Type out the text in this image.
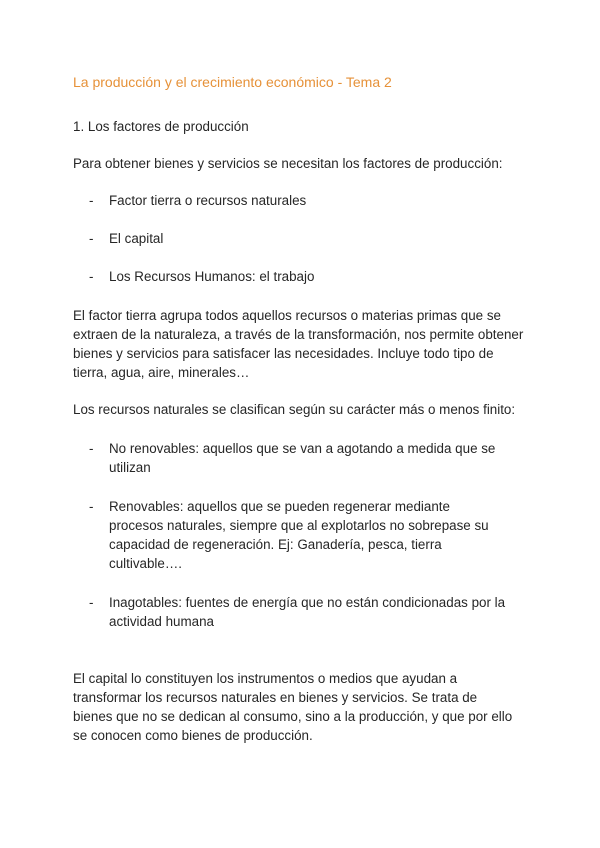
La producción y el crecimiento económico - Tema 2
1. Los factores de producción

Para obtener bienes y servicios se necesitan los factores de producción:

- Factor tierra o recursos naturales
- El capital
- Los Recursos Humanos: el trabajo

El factor tierra agrupa todos aquellos recursos o materias primas que se extraen de la naturaleza, a través de la transformación, nos permite obtener bienes y servicios para satisfacer las necesidades. Incluye todo tipo de tierra, agua, aire, minerales…

Los recursos naturales se clasifican según su carácter más o menos finito:

- No renovables: aquellos que se van a agotando a medida que se utilizan
- Renovables: aquellos que se pueden regenerar mediante procesos naturales, siempre que al explotarlos no sobrepase su capacidad de regeneración. Ej: Ganadería, pesca, tierra cultivable….
- Inagotables: fuentes de energía que no están condicionadas por la actividad humana

El capital lo constituyen los instrumentos o medios que ayudan a transformar los recursos naturales en bienes y servicios. Se trata de bienes que no se dedican al consumo, sino a la producción, y que por ello se conocen como bienes de producción.
